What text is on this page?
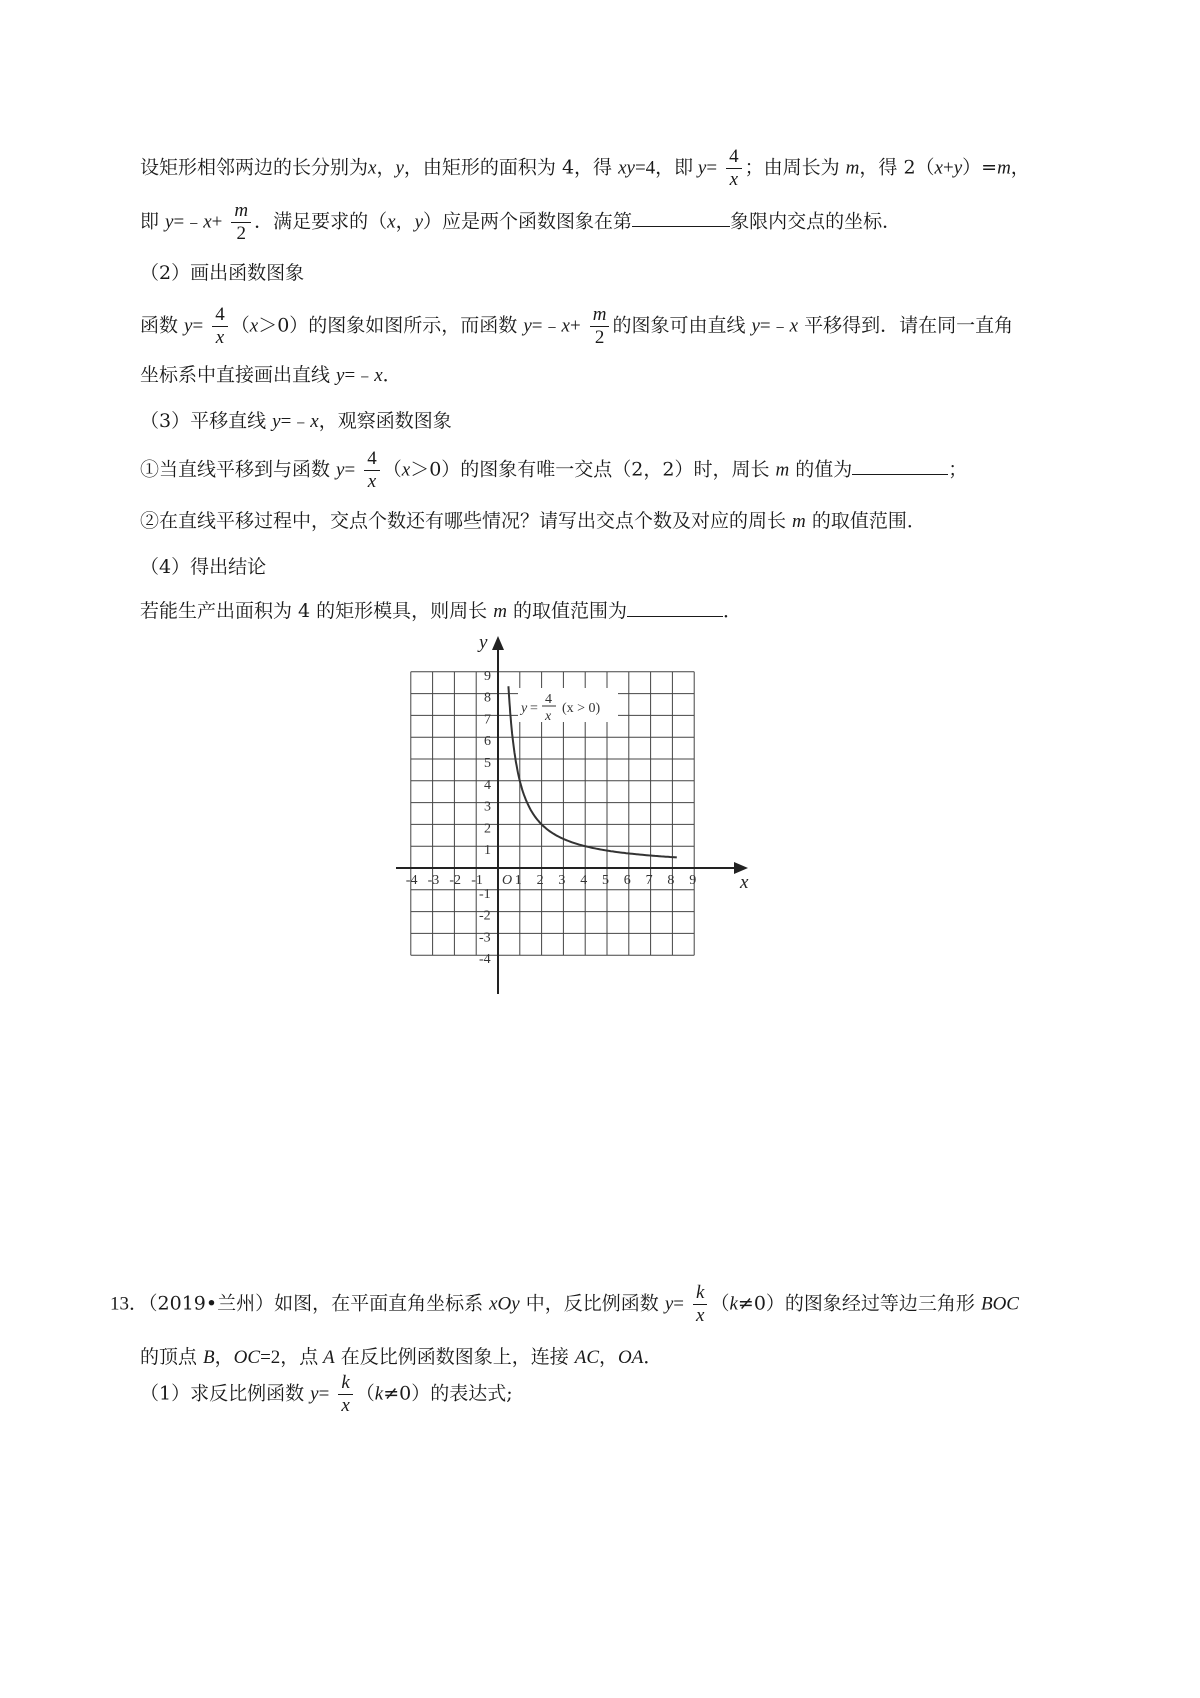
设矩形相邻两边的长分别为x，y，由矩形的面积为 4，得 xy=4，即 $y= \frac{4}{x}$ ；由周长为 m，得 2（x+y）=m，
即 y=﹣x+ $\frac{m}{2}$ ．满足要求的（x，y）应是两个函数图象在第	象限内交点的坐标．
（2）画出函数图象
函数 $y= \frac{4}{x} (x>0)$的图象如图所示，而函数 y=﹣x+ $\frac{m}{2}$ 的图象可由直线 y=﹣x 平移得到．请在同一直角
坐标系中直接画出直线 y=﹣x．
（3）平移直线 y=﹣x，观察函数图象
①当直线平移到与函数 $y= \frac{4}{x} (x>0)$的图象有唯一交点（2，2）时，周长 m 的值为	；
②在直线平移过程中，交点个数还有哪些情况？请写出交点个数及对应的周长 m 的取值范围．
（4）得出结论
若能生产出面积为 4 的矩形模具，则周长 m 的取值范围为	．
x
y
O
-4 -3 -2 -1 1 2 3 4 5 6 7 8 9
9
8
7
6
5
4
3
2
1
-1
-2
-3
-4
y =
4
x
(x > 0)
13．（2019•兰州）如图，在平面直角坐标系 xOy 中，反比例函数 $y= \frac{k}{x} (k\ne 0)$的图象经过等边三角形 BOC
的顶点 B，OC=2，点 A 在反比例函数图象上，连接 AC，OA．
（1）求反比例函数 $y= \frac{k}{x} (k\ne 0)$的表达式;
